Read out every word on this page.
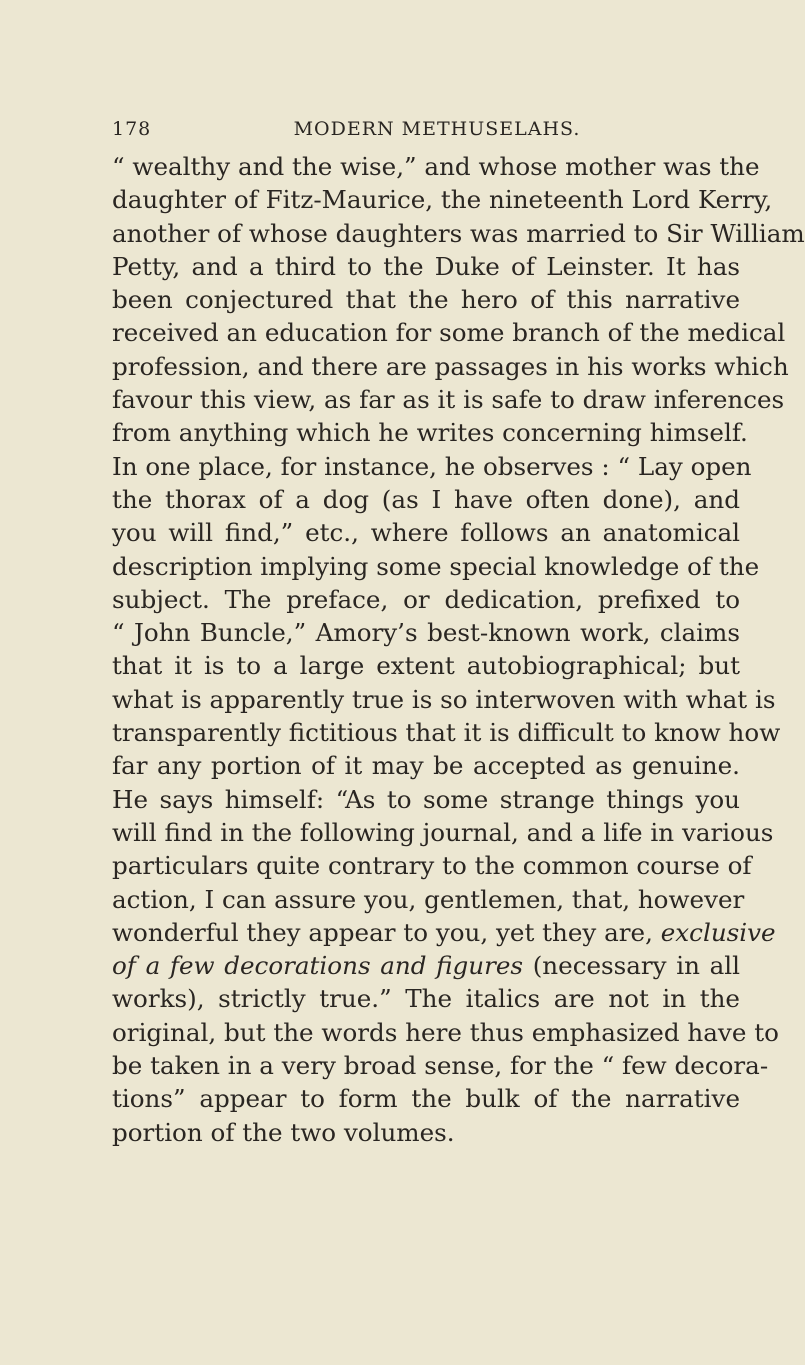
178	MODERN METHUSELAHS.
“ wealthy and the wise,” and whose mother was the
daughter of Fitz-Maurice, the nineteenth Lord Kerry,
another of whose daughters was married to Sir William
Petty, and a third to the Duke of Leinster. It has
been conjectured that the hero of this narrative
received an education for some branch of the medical
profession, and there are passages in his works which
favour this view, as far as it is safe to draw inferences
from anything which he writes concerning himself.
In one place, for instance, he observes : “ Lay open
the thorax of a dog (as I have often done), and
you will find,” etc., where follows an anatomical
description implying some special knowledge of the
subject. The preface, or dedication, prefixed to
“ John Buncle,” Amory’s best-known work, claims
that it is to a large extent autobiographical; but
what is apparently true is so interwoven with what is
transparently fictitious that it is difficult to know how
far any portion of it may be accepted as genuine.
He says himself: “As to some strange things you
will find in the following journal, and a life in various
particulars quite contrary to the common course of
action, I can assure you, gentlemen, that, however
wonderful they appear to you, yet they are, exclusive
of a few decorations and figures (necessary in all
works), strictly true.” The italics are not in the
original, but the words here thus emphasized have to
be taken in a very broad sense, for the “ few decora-
tions” appear to form the bulk of the narrative
portion of the two volumes.
